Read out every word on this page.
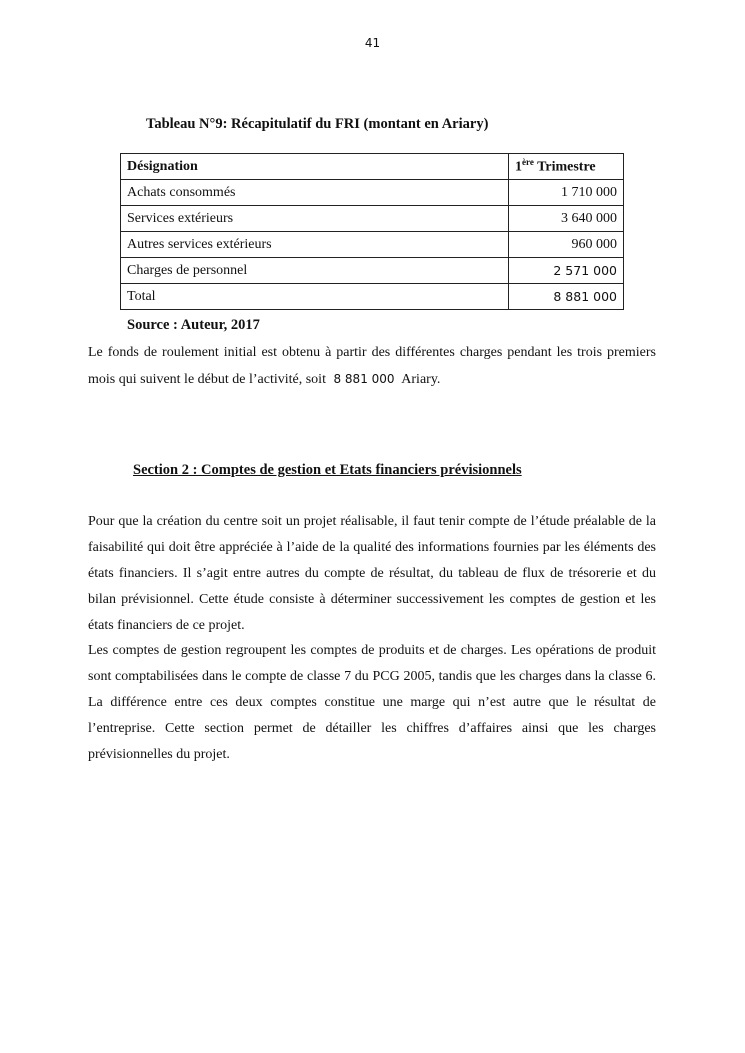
41
Tableau N°9: Récapitulatif du FRI (montant en Ariary)
Désignation	1ère Trimestre
Achats consommés	1 710 000
Services extérieurs	3 640 000
Autres services extérieurs	960 000
Charges de personnel	2 571 000
Total	8 881 000
Source : Auteur, 2017

Le fonds de roulement initial est obtenu à partir des différentes charges pendant les trois premiers mois qui suivent le début de l’activité, soit 8 881 000 Ariary.

Section 2 : Comptes de gestion et Etats financiers prévisionnels

Pour que la création du centre soit un projet réalisable, il faut tenir compte de l’étude préalable de la faisabilité qui doit être appréciée à l’aide de la qualité des informations fournies par les éléments des états financiers. Il s’agit entre autres du compte de résultat, du tableau de flux de trésorerie et du bilan prévisionnel. Cette étude consiste à déterminer successivement les comptes de gestion et les états financiers de ce projet.

Les comptes de gestion regroupent les comptes de produits et de charges. Les opérations de produit sont comptabilisées dans le compte de classe 7 du PCG 2005, tandis que les charges dans la classe 6. La différence entre ces deux comptes constitue une marge qui n’est autre que le résultat de l’entreprise. Cette section permet de détailler les chiffres d’affaires ainsi que les charges prévisionnelles du projet.
